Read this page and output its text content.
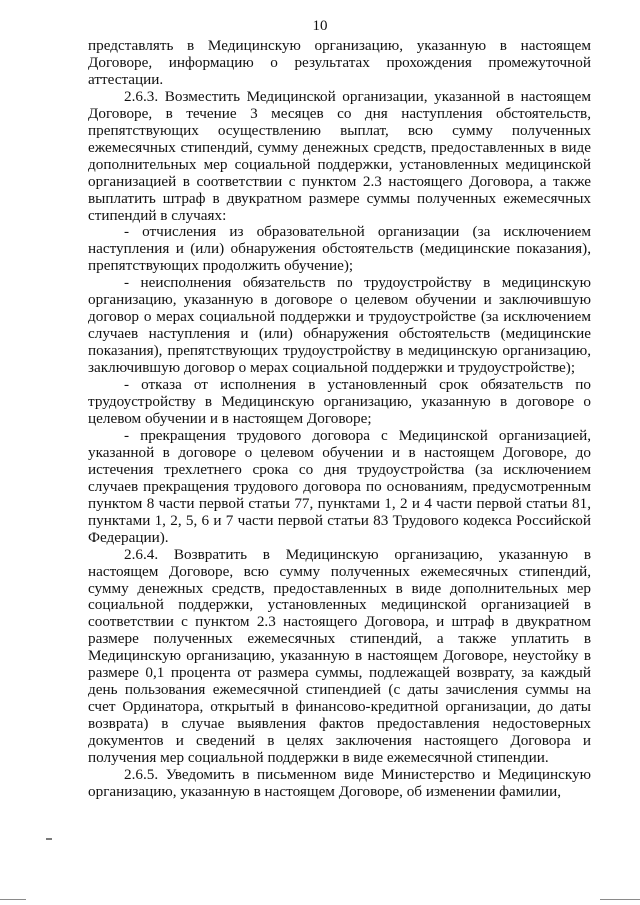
10

представлять в Медицинскую организацию, указанную в настоящем Договоре, информацию о результатах прохождения промежуточной аттестации.

2.6.3. Возместить Медицинской организации, указанной в настоящем Договоре, в течение 3 месяцев со дня наступления обстоятельств, препятствующих осуществлению выплат, всю сумму полученных ежемесячных стипендий, сумму денежных средств, предоставленных в виде дополнительных мер социальной поддержки, установленных медицинской организацией в соответствии с пунктом 2.3 настоящего Договора, а также выплатить штраф в двукратном размере суммы полученных ежемесячных стипендий в случаях:

- отчисления из образовательной организации (за исключением наступления и (или) обнаружения обстоятельств (медицинские показания), препятствующих продолжить обучение);

- неисполнения обязательств по трудоустройству в медицинскую организацию, указанную в договоре о целевом обучении и заключившую договор о мерах социальной поддержки и трудоустройстве (за исключением случаев наступления и (или) обнаружения обстоятельств (медицинские показания), препятствующих трудоустройству в медицинскую организацию, заключившую договор о мерах социальной поддержки и трудоустройстве);

- отказа от исполнения в установленный срок обязательств по трудоустройству в Медицинскую организацию, указанную в договоре о целевом обучении и в настоящем Договоре;

- прекращения трудового договора с Медицинской организацией, указанной в договоре о целевом обучении и в настоящем Договоре, до истечения трехлетнего срока со дня трудоустройства (за исключением случаев прекращения трудового договора по основаниям, предусмотренным пунктом 8 части первой статьи 77, пунктами 1, 2 и 4 части первой статьи 81, пунктами 1, 2, 5, 6 и 7 части первой статьи 83 Трудового кодекса Российской Федерации).

2.6.4. Возвратить в Медицинскую организацию, указанную в настоящем Договоре, всю сумму полученных ежемесячных стипендий, сумму денежных средств, предоставленных в виде дополнительных мер социальной поддержки, установленных медицинской организацией в соответствии с пунктом 2.3 настоящего Договора, и штраф в двукратном размере полученных ежемесячных стипендий, а также уплатить в Медицинскую организацию, указанную в настоящем Договоре, неустойку в размере 0,1 процента от размера суммы, подлежащей возврату, за каждый день пользования ежемесячной стипендией (с даты зачисления суммы на счет Ординатора, открытый в финансово-кредитной организации, до даты возврата) в случае выявления фактов предоставления недостоверных документов и сведений в целях заключения настоящего Договора и получения мер социальной поддержки в виде ежемесячной стипендии.

2.6.5. Уведомить в письменном виде Министерство и Медицинскую организацию, указанную в настоящем Договоре, об изменении фамилии,
